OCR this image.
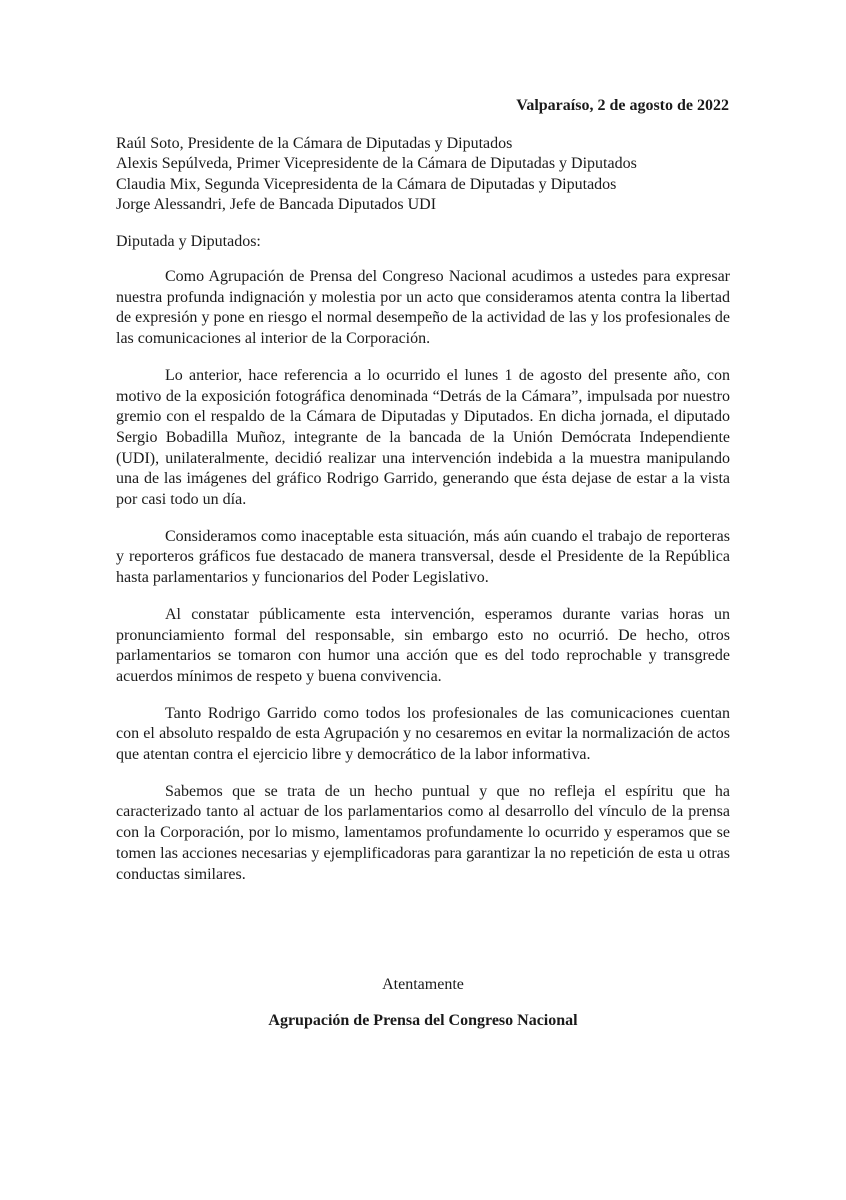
Valparaíso, 2 de agosto de 2022
Raúl Soto, Presidente de la Cámara de Diputadas y Diputados
Alexis Sepúlveda, Primer Vicepresidente de la Cámara de Diputadas y Diputados
Claudia Mix, Segunda Vicepresidenta de la Cámara de Diputadas y Diputados
Jorge Alessandri, Jefe de Bancada Diputados UDI
Diputada y Diputados:

Como Agrupación de Prensa del Congreso Nacional acudimos a ustedes para expresar nuestra profunda indignación y molestia por un acto que consideramos atenta contra la libertad de expresión y pone en riesgo el normal desempeño de la actividad de las y los profesionales de las comunicaciones al interior de la Corporación.

Lo anterior, hace referencia a lo ocurrido el lunes 1 de agosto del presente año, con motivo de la exposición fotográfica denominada “Detrás de la Cámara”, impulsada por nuestro gremio con el respaldo de la Cámara de Diputadas y Diputados. En dicha jornada, el diputado Sergio Bobadilla Muñoz, integrante de la bancada de la Unión Demócrata Independiente (UDI), unilateralmente, decidió realizar una intervención indebida a la muestra manipulando una de las imágenes del gráfico Rodrigo Garrido, generando que ésta dejase de estar a la vista por casi todo un día.

Consideramos como inaceptable esta situación, más aún cuando el trabajo de reporteras y reporteros gráficos fue destacado de manera transversal, desde el Presidente de la República hasta parlamentarios y funcionarios del Poder Legislativo.

Al constatar públicamente esta intervención, esperamos durante varias horas un pronunciamiento formal del responsable, sin embargo esto no ocurrió. De hecho, otros parlamentarios se tomaron con humor una acción que es del todo reprochable y transgrede acuerdos mínimos de respeto y buena convivencia.

Tanto Rodrigo Garrido como todos los profesionales de las comunicaciones cuentan con el absoluto respaldo de esta Agrupación y no cesaremos en evitar la normalización de actos que atentan contra el ejercicio libre y democrático de la labor informativa.

Sabemos que se trata de un hecho puntual y que no refleja el espíritu que ha caracterizado tanto al actuar de los parlamentarios como al desarrollo del vínculo de la prensa con la Corporación, por lo mismo, lamentamos profundamente lo ocurrido y esperamos que se tomen las acciones necesarias y ejemplificadoras para garantizar la no repetición de esta u otras conductas similares.

Atentamente
Agrupación de Prensa del Congreso Nacional
